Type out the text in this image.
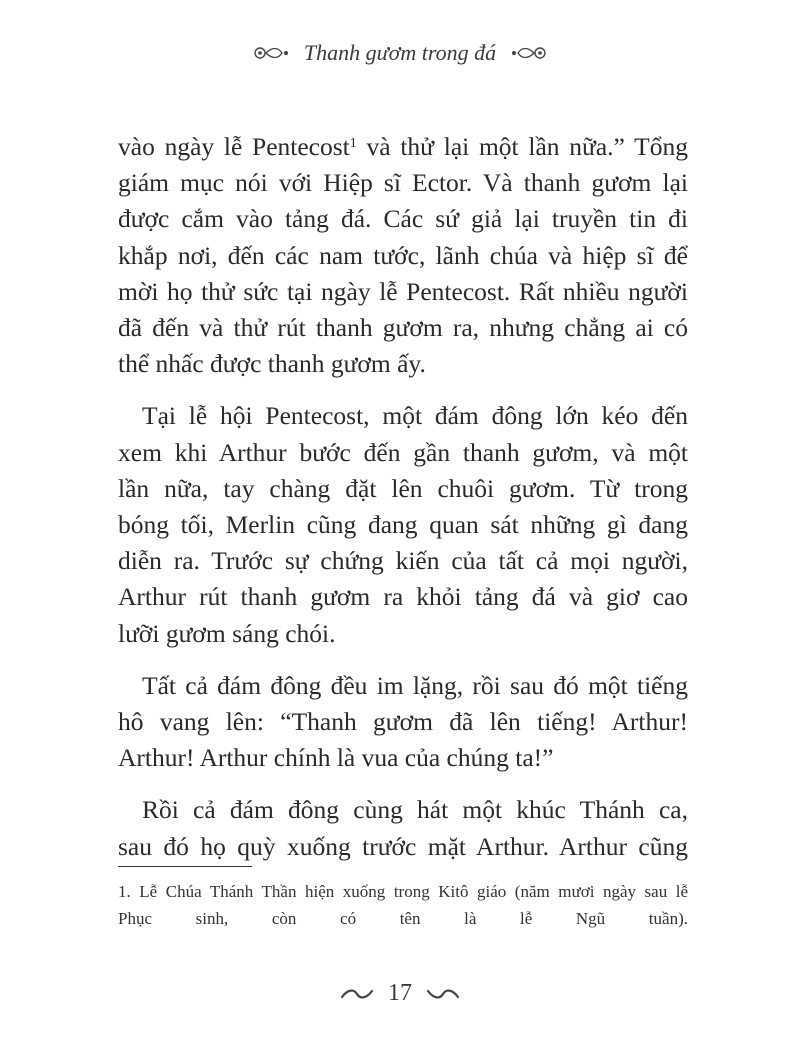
Thanh gươm trong đá

vào ngày lễ Pentecost$^1$ và thử lại một lần nữa.” Tổng
giám mục nói với Hiệp sĩ Ector. Và thanh gươm lại
được cắm vào tảng đá. Các sứ giả lại truyền tin đi
khắp nơi, đến các nam tước, lãnh chúa và hiệp sĩ để
mời họ thử sức tại ngày lễ Pentecost. Rất nhiều người
đã đến và thử rút thanh gươm ra, nhưng chẳng ai có
thể nhấc được thanh gươm ấy.

Tại lễ hội Pentecost, một đám đông lớn kéo đến
xem khi Arthur bước đến gần thanh gươm, và một
lần nữa, tay chàng đặt lên chuôi gươm. Từ trong
bóng tối, Merlin cũng đang quan sát những gì đang
diễn ra. Trước sự chứng kiến của tất cả mọi người,
Arthur rút thanh gươm ra khỏi tảng đá và giơ cao
lưỡi gươm sáng chói.

Tất cả đám đông đều im lặng, rồi sau đó một tiếng
hô vang lên: “Thanh gươm đã lên tiếng! Arthur!
Arthur! Arthur chính là vua của chúng ta!”

Rồi cả đám đông cùng hát một khúc Thánh ca,
sau đó họ quỳ xuống trước mặt Arthur. Arthur cũng

1. Lễ Chúa Thánh Thần hiện xuống trong Kitô giáo (năm mươi ngày sau lễ
Phục sinh, còn có tên là lễ Ngũ tuần).
17
